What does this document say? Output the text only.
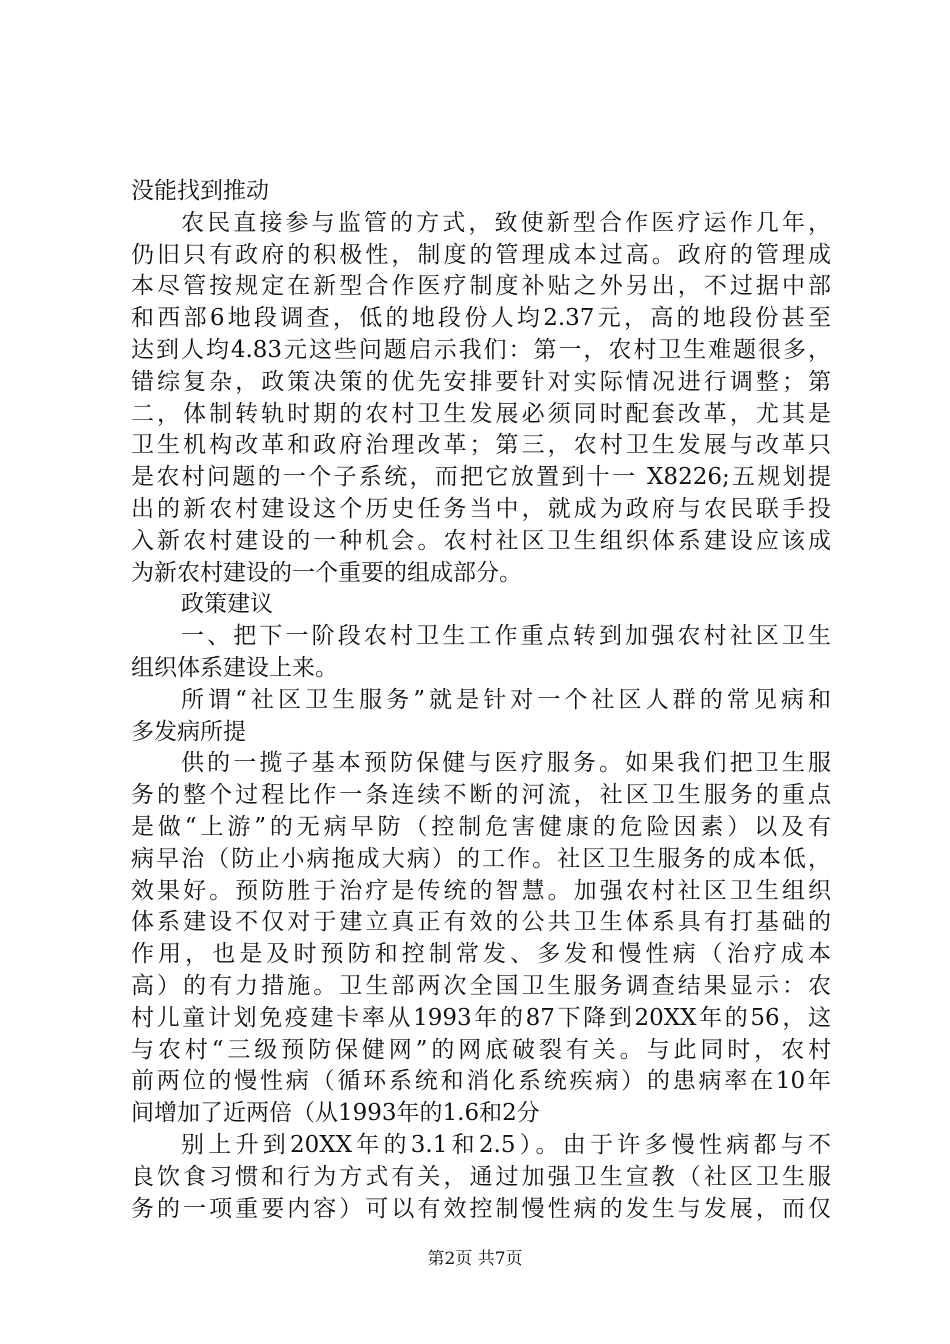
没能找到推动
农民直接参与监管的方式，致使新型合作医疗运作几年，
仍旧只有政府的积极性，制度的管理成本过高。政府的管理成
本尽管按规定在新型合作医疗制度补贴之外另出，不过据中部
和西部6地段调查，低的地段份人均2.37元，高的地段份甚至
达到人均4.83元这些问题启示我们：第一，农村卫生难题很多，
错综复杂，政策决策的优先安排要针对实际情况进行调整；第
二，体制转轨时期的农村卫生发展必须同时配套改革，尤其是
卫生机构改革和政府治理改革；第三，农村卫生发展与改革只
是农村问题的一个子系统，而把它放置到十一 X8226;五规划提
出的新农村建设这个历史任务当中，就成为政府与农民联手投
入新农村建设的一种机会。农村社区卫生组织体系建设应该成
为新农村建设的一个重要的组成部分。
政策建议
一、把下一阶段农村卫生工作重点转到加强农村社区卫生
组织体系建设上来。
所谓“社区卫生服务”就是针对一个社区人群的常见病和
多发病所提
供的一揽子基本预防保健与医疗服务。如果我们把卫生服
务的整个过程比作一条连续不断的河流，社区卫生服务的重点
是做“上游”的无病早防（控制危害健康的危险因素）以及有
病早治（防止小病拖成大病）的工作。社区卫生服务的成本低，
效果好。预防胜于治疗是传统的智慧。加强农村社区卫生组织
体系建设不仅对于建立真正有效的公共卫生体系具有打基础的
作用，也是及时预防和控制常发、多发和慢性病（治疗成本
高）的有力措施。卫生部两次全国卫生服务调查结果显示：农
村儿童计划免疫建卡率从1993年的87下降到20XX年的56，这
与农村“三级预防保健网”的网底破裂有关。与此同时，农村
前两位的慢性病（循环系统和消化系统疾病）的患病率在10年
间增加了近两倍（从1993年的1.6和2分
别上升到20XX年的3.1和2.5）。由于许多慢性病都与不
良饮食习惯和行为方式有关，通过加强卫生宣教（社区卫生服
务的一项重要内容）可以有效控制慢性病的发生与发展，而仅
第2页 共7页
